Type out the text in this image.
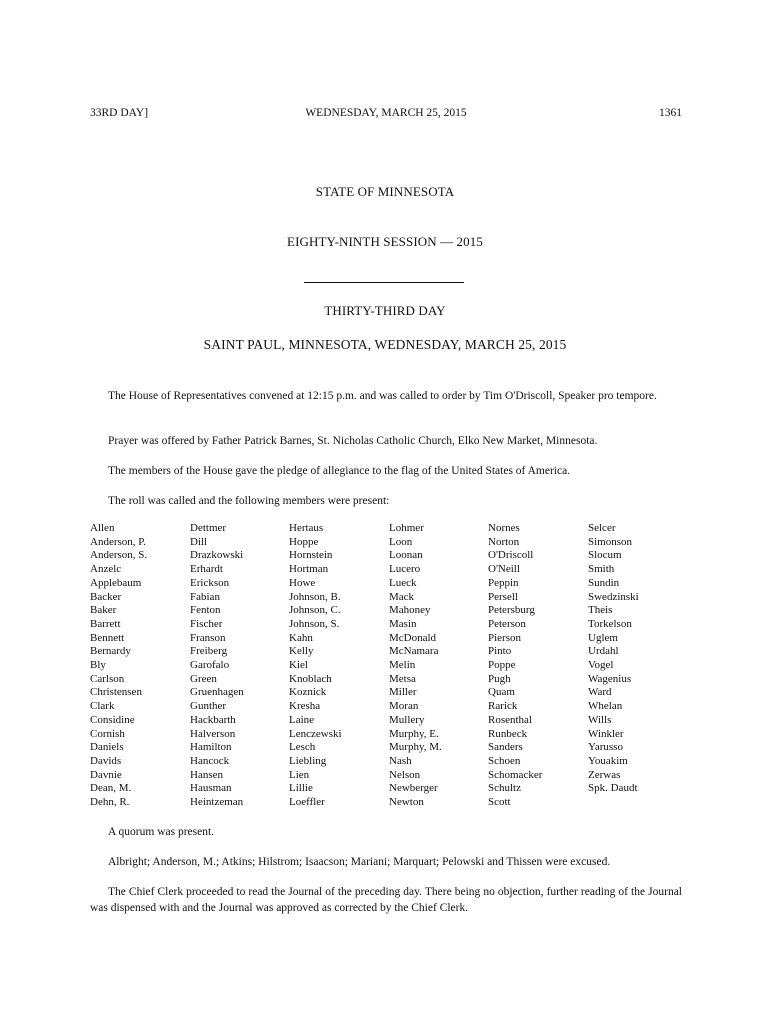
33RD DAY]	WEDNESDAY, MARCH 25, 2015	1361
STATE OF MINNESOTA
EIGHTY-NINTH SESSION — 2015
THIRTY-THIRD DAY
SAINT PAUL, MINNESOTA, WEDNESDAY, MARCH 25, 2015

The House of Representatives convened at 12:15 p.m. and was called to order by Tim O'Driscoll, Speaker pro tempore.

Prayer was offered by Father Patrick Barnes, St. Nicholas Catholic Church, Elko New Market, Minnesota.

The members of the House gave the pledge of allegiance to the flag of the United States of America.

The roll was called and the following members were present:

Allen
Anderson, P.
Anderson, S.
Anzelc
Applebaum
Backer
Baker
Barrett
Bennett
Bernardy
Bly
Carlson
Christensen
Clark
Considine
Cornish
Daniels
Davids
Davnie
Dean, M.
Dehn, R.
Dettmer
Dill
Drazkowski
Erhardt
Erickson
Fabian
Fenton
Fischer
Franson
Freiberg
Garofalo
Green
Gruenhagen
Gunther
Hackbarth
Halverson
Hamilton
Hancock
Hansen
Hausman
Heintzeman
Hertaus
Hoppe
Hornstein
Hortman
Howe
Johnson, B.
Johnson, C.
Johnson, S.
Kahn
Kelly
Kiel
Knoblach
Koznick
Kresha
Laine
Lenczewski
Lesch
Liebling
Lien
Lillie
Loeffler
Lohmer
Loon
Loonan
Lucero
Lueck
Mack
Mahoney
Masin
McDonald
McNamara
Melin
Metsa
Miller
Moran
Mullery
Murphy, E.
Murphy, M.
Nash
Nelson
Newberger
Newton
Nornes
Norton
O'Driscoll
O'Neill
Peppin
Persell
Petersburg
Peterson
Pierson
Pinto
Poppe
Pugh
Quam
Rarick
Rosenthal
Runbeck
Sanders
Schoen
Schomacker
Schultz
Scott
Selcer
Simonson
Slocum
Smith
Sundin
Swedzinski
Theis
Torkelson
Uglem
Urdahl
Vogel
Wagenius
Ward
Whelan
Wills
Winkler
Yarusso
Youakim
Zerwas
Spk. Daudt

A quorum was present.

Albright; Anderson, M.; Atkins; Hilstrom; Isaacson; Mariani; Marquart; Pelowski and Thissen were excused.

The Chief Clerk proceeded to read the Journal of the preceding day. There being no objection, further reading of the Journal was dispensed with and the Journal was approved as corrected by the Chief Clerk.
